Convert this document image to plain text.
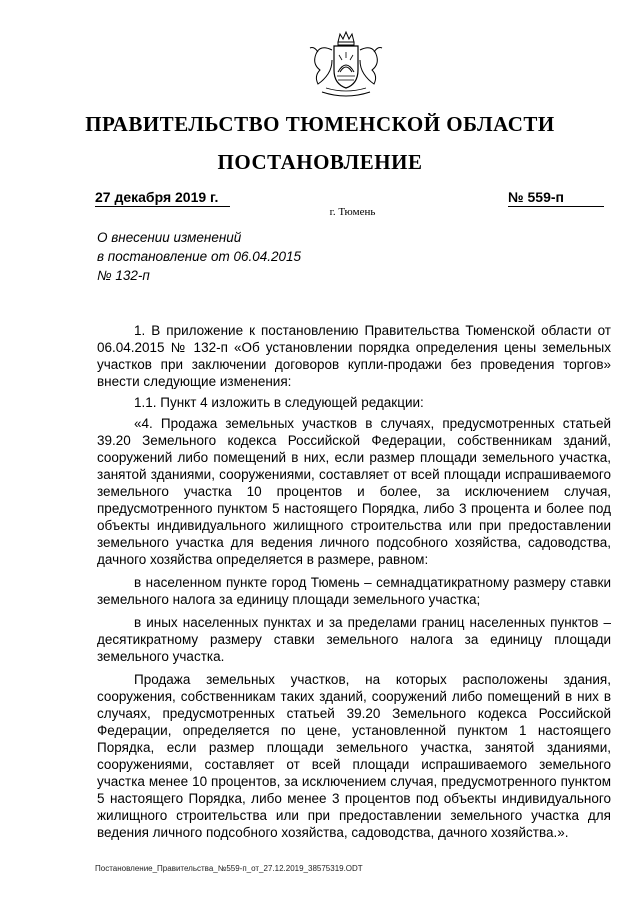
ПРАВИТЕЛЬСТВО ТЮМЕНСКОЙ ОБЛАСТИ
ПОСТАНОВЛЕНИЕ
27 декабря 2019 г.	№ 559-п
г. Тюмень
О внесении изменений
в постановление от 06.04.2015
№ 132-п

1. В приложение к постановлению Правительства Тюменской области от 06.04.2015 № 132-п «Об установлении порядка определения цены земельных участков при заключении договоров купли-продажи без проведения торгов» внести следующие изменения:

1.1. Пункт 4 изложить в следующей редакции:

«4. Продажа земельных участков в случаях, предусмотренных статьей 39.20 Земельного кодекса Российской Федерации, собственникам зданий, сооружений либо помещений в них, если размер площади земельного участка, занятой зданиями, сооружениями, составляет от всей площади испрашиваемого земельного участка 10 процентов и более, за исключением случая, предусмотренного пунктом 5 настоящего Порядка, либо 3 процента и более под объекты индивидуального жилищного строительства или при предоставлении земельного участка для ведения личного подсобного хозяйства, садоводства, дачного хозяйства определяется в размере, равном:

в населенном пункте город Тюмень – семнадцатикратному размеру ставки земельного налога за единицу площади земельного участка;

в иных населенных пунктах и за пределами границ населенных пунктов – десятикратному размеру ставки земельного налога за единицу площади земельного участка.

Продажа земельных участков, на которых расположены здания, сооружения, собственникам таких зданий, сооружений либо помещений в них в случаях, предусмотренных статьей 39.20 Земельного кодекса Российской Федерации, определяется по цене, установленной пунктом 1 настоящего Порядка, если размер площади земельного участка, занятой зданиями, сооружениями, составляет от всей площади испрашиваемого земельного участка менее 10 процентов, за исключением случая, предусмотренного пунктом 5 настоящего Порядка, либо менее 3 процентов под объекты индивидуального жилищного строительства или при предоставлении земельного участка для ведения личного подсобного хозяйства, садоводства, дачного хозяйства.».

Постановление_Правительства_№559-п_от_27.12.2019_38575319.ODT
